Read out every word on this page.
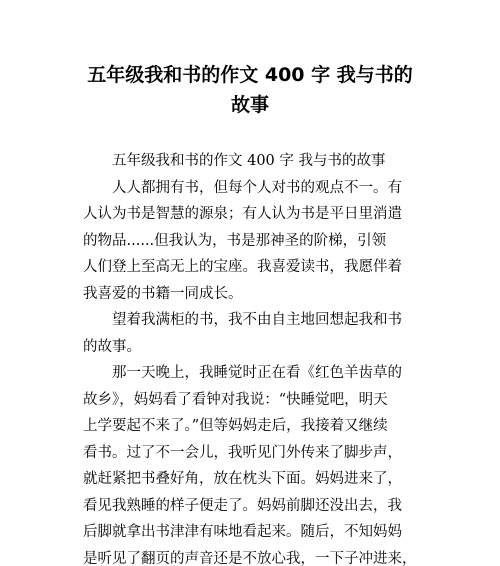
五年级我和书的作文 400 字 我与书的
故事
五年级我和书的作文 400 字 我与书的故事
人人都拥有书，但每个人对书的观点不一。有
人认为书是智慧的源泉；有人认为书是平日里消遣
的物品......但我认为，书是那神圣的阶梯，引领
人们登上至高无上的宝座。我喜爱读书，我愿伴着
我喜爱的书籍一同成长。
望着我满柜的书，我不由自主地回想起我和书
的故事。
那一天晚上，我睡觉时正在看《红色羊齿草的
故乡》，妈妈看了看钟对我说：“快睡觉吧，明天
上学要起不来了。”但等妈妈走后，我接着又继续
看书。过了不一会儿，我听见门外传来了脚步声，
就赶紧把书叠好角，放在枕头下面。妈妈进来了，
看见我熟睡的样子便走了。妈妈前脚还没出去，我
后脚就拿出书津津有味地看起来。随后，不知妈妈
是听见了翻页的声音还是不放心我，一下子冲进来，
